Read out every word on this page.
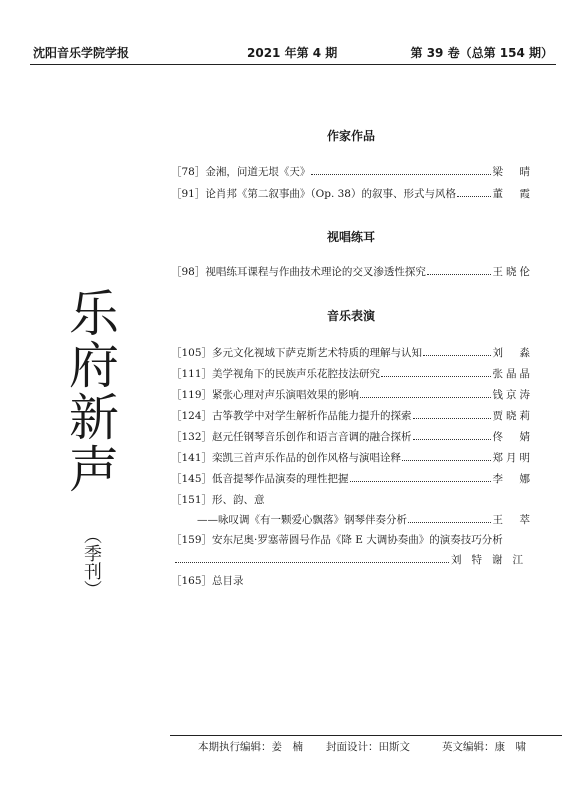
沈阳音乐学院学报	2021 年第 4 期	第 39 卷（总第 154 期）
乐府新声
（季刊）
作家作品
［78］ 金湘，问道无垠《天》	梁　晴
［91］ 论肖邦《第二叙事曲》（Op. 38）的叙事、形式与风格	董　霞
视唱练耳
［98］ 视唱练耳课程与作曲技术理论的交叉渗透性探究	王晓伦
音乐表演
［105］ 多元文化视域下萨克斯艺术特质的理解与认知	刘　淼
［111］ 美学视角下的民族声乐花腔技法研究	张晶晶
［119］ 紧张心理对声乐演唱效果的影响	钱京涛
［124］ 古筝教学中对学生解析作品能力提升的探索	贾晓莉
［132］ 赵元任钢琴音乐创作和语言音调的融合探析	佟　婧
［141］ 栾凯三首声乐作品的创作风格与演唱诠释	郑月明
［145］ 低音提琴作品演奏的理性把握	李　娜
［151］ 形、韵、意
——咏叹调《有一颗爱心飘落》钢琴伴奏分析	王　萃
［159］ 安东尼奥·罗塞蒂圆号作品《降 E 大调协奏曲》的演奏技巧分析
刘特谢江
［165］ 总目录
本期执行编辑：姜　楠 封面设计：田斯文	英文编辑：康　啸
